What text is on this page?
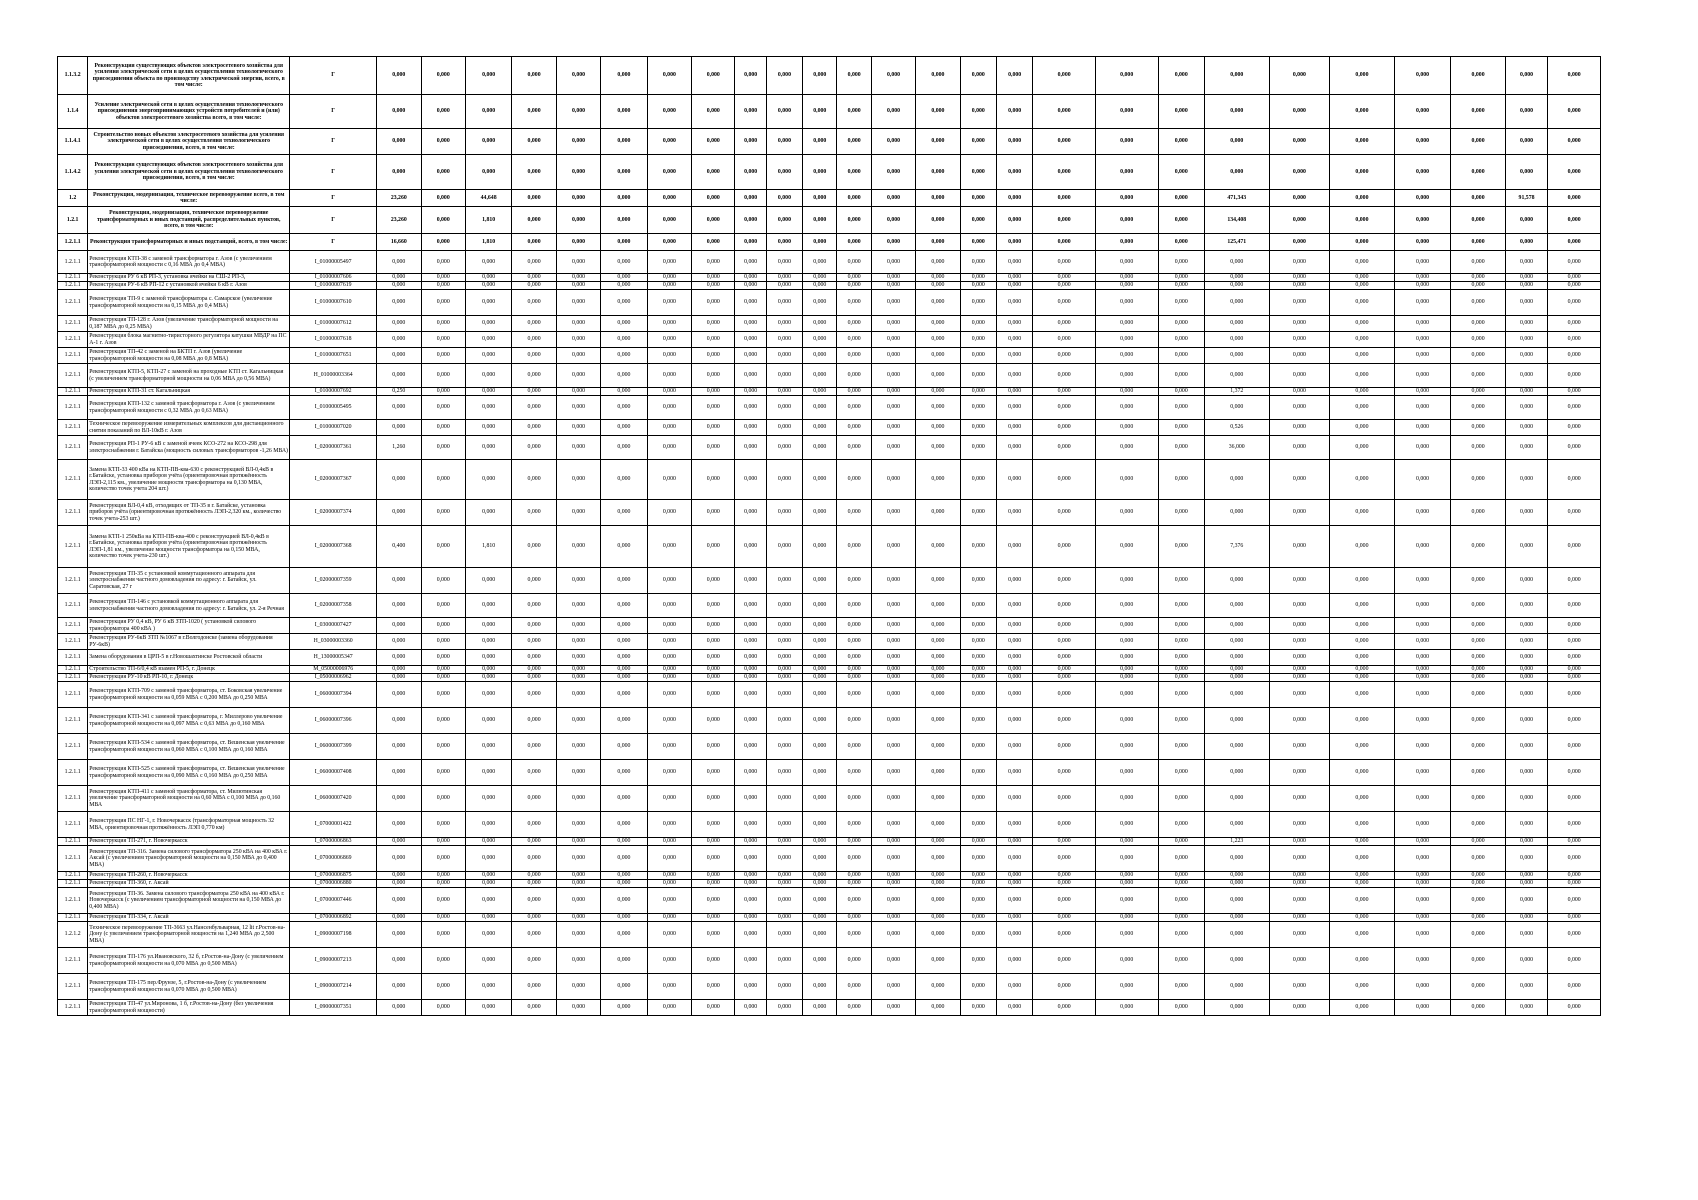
1.1.3.2	Реконструкция существующих объектов электросетевого хозяйства для усиления электрической сети в целях осуществления технологического присоединения объекта по производству электрической энергии, всего, в том числе:	Г	0,000	0,000	0,000	0,000	0,000	0,000	0,000	0,000	0,000	0,000	0,000	0,000	0,000	0,000	0,000	0,000	0,000	0,000	0,000	0,000	0,000	0,000	0,000	0,000	0,000	0,000
1.1.4	Усиление электрической сети в целях осуществления технологического присоединения энергопринимающих устройств потребителей и (или) объектов электросетевого хозяйства всего, в том числе:	Г	0,000	0,000	0,000	0,000	0,000	0,000	0,000	0,000	0,000	0,000	0,000	0,000	0,000	0,000	0,000	0,000	0,000	0,000	0,000	0,000	0,000	0,000	0,000	0,000	0,000	0,000
1.1.4.1	Строительство новых объектов электросетевого хозяйства для усиления электрической сети в целях осуществления технологического присоединения, всего, в том числе:	Г	0,000	0,000	0,000	0,000	0,000	0,000	0,000	0,000	0,000	0,000	0,000	0,000	0,000	0,000	0,000	0,000	0,000	0,000	0,000	0,000	0,000	0,000	0,000	0,000	0,000	0,000
1.1.4.2	Реконструкция существующих объектов электросетевого хозяйства для усиления электрической сети в целях осуществления технологического присоединения, всего, в том числе:	Г	0,000	0,000	0,000	0,000	0,000	0,000	0,000	0,000	0,000	0,000	0,000	0,000	0,000	0,000	0,000	0,000	0,000	0,000	0,000	0,000	0,000	0,000	0,000	0,000	0,000	0,000
1.2	Реконструкция, модернизация, техническое перевооружение всего, в том числе:	Г	23,260	0,000	44,648	0,000	0,000	0,000	0,000	0,000	0,000	0,000	0,000	0,000	0,000	0,000	0,000	0,000	0,000	0,000	0,000	471,343	0,000	0,000	0,000	0,000	91,578	0,000
1.2.1	Реконструкция, модернизация, техническое перевооружение трансформаторных и иных подстанций, распределительных пунктов, всего, в том числе:	Г	23,260	0,000	1,810	0,000	0,000	0,000	0,000	0,000	0,000	0,000	0,000	0,000	0,000	0,000	0,000	0,000	0,000	0,000	0,000	134,408	0,000	0,000	0,000	0,000	0,000	0,000
1.2.1.1	Реконструкция трансформаторных и иных подстанций, всего, в том числе:	Г	16,660	0,000	1,810	0,000	0,000	0,000	0,000	0,000	0,000	0,000	0,000	0,000	0,000	0,000	0,000	0,000	0,000	0,000	0,000	125,471	0,000	0,000	0,000	0,000	0,000	0,000
1.2.1.1	Реконструкция КТП-38 с заменой трансформатора г. Азов (с увеличением трансформаторной мощности с 0,16 МВА до 0,4 МВА)	I_01000005497	0,000	0,000	0,000	0,000	0,000	0,000	0,000	0,000	0,000	0,000	0,000	0,000	0,000	0,000	0,000	0,000	0,000	0,000	0,000	0,000	0,000	0,000	0,000	0,000	0,000	0,000
1.2.1.1	Реконструкция РУ 6 кВ РП-3, установка ячейки на СШ-2 РП-3,	I_01000007606	0,000	0,000	0,000	0,000	0,000	0,000	0,000	0,000	0,000	0,000	0,000	0,000	0,000	0,000	0,000	0,000	0,000	0,000	0,000	0,000	0,000	0,000	0,000	0,000	0,000	0,000
1.2.1.1	Реконструкция РУ-6 кВ РП-12 с установкой ячейки 6 кВ г. Азов	I_01000007619	0,000	0,000	0,000	0,000	0,000	0,000	0,000	0,000	0,000	0,000	0,000	0,000	0,000	0,000	0,000	0,000	0,000	0,000	0,000	0,000	0,000	0,000	0,000	0,000	0,000	0,000
1.2.1.1	Реконструкция ТП-9 с заменой трансформатора с. Самарское (увеличение трансформаторной мощности на 0,15 МВА до 0,4 МВА)	I_01000007610	0,000	0,000	0,000	0,000	0,000	0,000	0,000	0,000	0,000	0,000	0,000	0,000	0,000	0,000	0,000	0,000	0,000	0,000	0,000	0,000	0,000	0,000	0,000	0,000	0,000	0,000
1.2.1.1	Реконструкция ТП-128 г. Азов (увеличение трансформаторной мощности на 0,187 МВА до 0,25 МВА)	I_01000007612	0,000	0,000	0,000	0,000	0,000	0,000	0,000	0,000	0,000	0,000	0,000	0,000	0,000	0,000	0,000	0,000	0,000	0,000	0,000	0,000	0,000	0,000	0,000	0,000	0,000	0,000
1.2.1.1	Реконструкция блока магнитно-тиристорного регулятора катушки МВДР на ПС А-1 г. Азов	I_01000007618	0,000	0,000	0,000	0,000	0,000	0,000	0,000	0,000	0,000	0,000	0,000	0,000	0,000	0,000	0,000	0,000	0,000	0,000	0,000	0,000	0,000	0,000	0,000	0,000	0,000	0,000
1.2.1.1	Реконструкция ТП-42 с заменой на БКТП г. Азов (увеличение трансформаторной мощности на 0,08 МВА до 0,8 МВА)	I_01000007651	0,000	0,000	0,000	0,000	0,000	0,000	0,000	0,000	0,000	0,000	0,000	0,000	0,000	0,000	0,000	0,000	0,000	0,000	0,000	0,000	0,000	0,000	0,000	0,000	0,000	0,000
1.2.1.1	Реконструкция КТП-5, КТП-27 с заменой на проходные КТП ст. Кагальницкая (с увеличением трансформаторной мощности на 0,06 МВА до 0,56 МВА)	H_01000003364	0,000	0,000	0,000	0,000	0,000	0,000	0,000	0,000	0,000	0,000	0,000	0,000	0,000	0,000	0,000	0,000	0,000	0,000	0,000	0,000	0,000	0,000	0,000	0,000	0,000	0,000
1.2.1.1	Реконструкция КТП-31 ст. Кагальницкая	I_01000007692	0,250	0,000	0,000	0,000	0,000	0,000	0,000	0,000	0,000	0,000	0,000	0,000	0,000	0,000	0,000	0,000	0,000	0,000	0,000	1,372	0,000	0,000	0,000	0,000	0,000	0,000
1.2.1.1	Реконструкция КТП-132 с заменой трансформатора г. Азов (с увеличением трансформаторной мощности с 0,32 МВА до 0,63 МВА)	I_01000005495	0,000	0,000	0,000	0,000	0,000	0,000	0,000	0,000	0,000	0,000	0,000	0,000	0,000	0,000	0,000	0,000	0,000	0,000	0,000	0,000	0,000	0,000	0,000	0,000	0,000	0,000
1.2.1.1	Техническое перевооружение измерительных комплексов для дистанционного снятия показаний по ВЛ-10кВ г. Азов	I_01000007020	0,000	0,000	0,000	0,000	0,000	0,000	0,000	0,000	0,000	0,000	0,000	0,000	0,000	0,000	0,000	0,000	0,000	0,000	0,000	0,526	0,000	0,000	0,000	0,000	0,000	0,000
1.2.1.1	Реконструкция РП-1 РУ-6 кВ с заменой ячеек КСО-272 на КСО-298 для электроснабжения г. Батайска (мощность силовых трансформаторов -1,26 МВА)	I_02000007361	1,260	0,000	0,000	0,000	0,000	0,000	0,000	0,000	0,000	0,000	0,000	0,000	0,000	0,000	0,000	0,000	0,000	0,000	0,000	36,000	0,000	0,000	0,000	0,000	0,000	0,000
1.2.1.1	Замена КТП-33 400 кВа на КТП-ПВ-ква-630 с реконструкцией ВЛ-0,4кВ в г.Батайске, установка приборов учёта (ориентировочная протяжённость ЛЭП-2,115 км., увеличение мощности трансформатора на 0,130 МВА, количество точек учета 204 шт.)	I_02000007367	0,000	0,000	0,000	0,000	0,000	0,000	0,000	0,000	0,000	0,000	0,000	0,000	0,000	0,000	0,000	0,000	0,000	0,000	0,000	0,000	0,000	0,000	0,000	0,000	0,000	0,000
1.2.1.1	Реконструкция ВЛ-0,4 кВ, отходящих от ТП-35 в г. Батайске, установка приборов учёта (ориентировочная протяжённость ЛЭП-2,320 км., количество точек учета-253 шт.)	I_02000007374	0,000	0,000	0,000	0,000	0,000	0,000	0,000	0,000	0,000	0,000	0,000	0,000	0,000	0,000	0,000	0,000	0,000	0,000	0,000	0,000	0,000	0,000	0,000	0,000	0,000	0,000
1.2.1.1	Замена КТП-1 250кВа на КТП-ПВ-ква-400 с реконструкцией ВЛ-0,4кВ в г.Батайске, установка приборов учёта (ориентировочная протяжённость ЛЭП-1,81 км., увеличение мощности трансформатора на 0,150 МВА, количество точек учета-230 шт.)	I_02000007368	0,400	0,000	1,810	0,000	0,000	0,000	0,000	0,000	0,000	0,000	0,000	0,000	0,000	0,000	0,000	0,000	0,000	0,000	0,000	7,376	0,000	0,000	0,000	0,000	0,000	0,000
1.2.1.1	Реконструкция ТП-35 с установкой коммутационного аппарата для электроснабжения частного домовладения по адресу: г. Батайск, ул. Саратовская, 27 г	I_02000007359	0,000	0,000	0,000	0,000	0,000	0,000	0,000	0,000	0,000	0,000	0,000	0,000	0,000	0,000	0,000	0,000	0,000	0,000	0,000	0,000	0,000	0,000	0,000	0,000	0,000	0,000
1.2.1.1	Реконструкция ТП-146 с установкой коммутационного аппарата для электроснабжения частного домовладения по адресу: г. Батайск, ул. 2-я Речная	I_02000007358	0,000	0,000	0,000	0,000	0,000	0,000	0,000	0,000	0,000	0,000	0,000	0,000	0,000	0,000	0,000	0,000	0,000	0,000	0,000	0,000	0,000	0,000	0,000	0,000	0,000	0,000
1.2.1.1	Реконструкция РУ 0,4 кВ, РУ 6 кВ ЗТП-1020 ( установкой силового трансформатора 400 кВА )	I_03000007427	0,000	0,000	0,000	0,000	0,000	0,000	0,000	0,000	0,000	0,000	0,000	0,000	0,000	0,000	0,000	0,000	0,000	0,000	0,000	0,000	0,000	0,000	0,000	0,000	0,000	0,000
1.2.1.1	Реконструкция РУ-6кВ ЗТП №1067 в г.Волгодонске (замена оборудования РУ-6кВ)	H_03000003360	0,000	0,000	0,000	0,000	0,000	0,000	0,000	0,000	0,000	0,000	0,000	0,000	0,000	0,000	0,000	0,000	0,000	0,000	0,000	0,000	0,000	0,000	0,000	0,000	0,000	0,000
1.2.1.1	Замена оборудования в ЦРП-5 в г.Новошахтинске Ростовской области	H_13000005347	0,000	0,000	0,000	0,000	0,000	0,000	0,000	0,000	0,000	0,000	0,000	0,000	0,000	0,000	0,000	0,000	0,000	0,000	0,000	0,000	0,000	0,000	0,000	0,000	0,000	0,000
1.2.1.1	Строительство ТП-6/0,4 кВ взамен РП-5, г. Донецк	M_05000006976	0,000	0,000	0,000	0,000	0,000	0,000	0,000	0,000	0,000	0,000	0,000	0,000	0,000	0,000	0,000	0,000	0,000	0,000	0,000	0,000	0,000	0,000	0,000	0,000	0,000	0,000
1.2.1.1	Реконструкция РУ-10 кВ РП-10, г. Донецк	I_05000006962	0,000	0,000	0,000	0,000	0,000	0,000	0,000	0,000	0,000	0,000	0,000	0,000	0,000	0,000	0,000	0,000	0,000	0,000	0,000	0,000	0,000	0,000	0,000	0,000	0,000	0,000
1.2.1.1	Реконструкция КТП-709 с заменой трансформатора, ст. Боковская увеличение трансформаторной мощности на 0,059 МВА с 0,200 МВА до 0,250 МВА	I_06000007394	0,000	0,000	0,000	0,000	0,000	0,000	0,000	0,000	0,000	0,000	0,000	0,000	0,000	0,000	0,000	0,000	0,000	0,000	0,000	0,000	0,000	0,000	0,000	0,000	0,000	0,000
1.2.1.1	Реконструкция КТП-341 с заменой трансформатора, г. Миллерово увеличение трансформаторной мощности на 0,097 МВА с 0,63 МВА до 0,160 МВА	I_06000007396	0,000	0,000	0,000	0,000	0,000	0,000	0,000	0,000	0,000	0,000	0,000	0,000	0,000	0,000	0,000	0,000	0,000	0,000	0,000	0,000	0,000	0,000	0,000	0,000	0,000	0,000
1.2.1.1	Реконструкция КТП-534 с заменой трансформатора, ст. Вешенская увеличение трансформаторной мощности на 0,060 МВА с 0,100 МВА до 0,160 МВА	I_06000007399	0,000	0,000	0,000	0,000	0,000	0,000	0,000	0,000	0,000	0,000	0,000	0,000	0,000	0,000	0,000	0,000	0,000	0,000	0,000	0,000	0,000	0,000	0,000	0,000	0,000	0,000
1.2.1.1	Реконструкция КТП-525 с заменой трансформатора, ст. Вешенская увеличение трансформаторной мощности на 0,090 МВА с 0,160 МВА до 0,250 МВА	I_06000007408	0,000	0,000	0,000	0,000	0,000	0,000	0,000	0,000	0,000	0,000	0,000	0,000	0,000	0,000	0,000	0,000	0,000	0,000	0,000	0,000	0,000	0,000	0,000	0,000	0,000	0,000
1.2.1.1	Реконструкция КТП-411 с заменой трансформатора, ст. Милютинская увеличение трансформаторной мощности на 0,60 МВА с 0,100 МВА до 0,160 МВА	I_06000007420	0,000	0,000	0,000	0,000	0,000	0,000	0,000	0,000	0,000	0,000	0,000	0,000	0,000	0,000	0,000	0,000	0,000	0,000	0,000	0,000	0,000	0,000	0,000	0,000	0,000	0,000
1.2.1.1	Реконструкция ПС НГ-1, г. Новочеркасск (трансформаторная мощность 32 МВА, ориентировочная протяжённость ЛЭП 0,770 км)	I_07000001422	0,000	0,000	0,000	0,000	0,000	0,000	0,000	0,000	0,000	0,000	0,000	0,000	0,000	0,000	0,000	0,000	0,000	0,000	0,000	0,000	0,000	0,000	0,000	0,000	0,000	0,000
1.2.1.1	Реконструкция ТП-271, г. Новочеркасск	I_07000006863	0,000	0,000	0,000	0,000	0,000	0,000	0,000	0,000	0,000	0,000	0,000	0,000	0,000	0,000	0,000	0,000	0,000	0,000	0,000	1,223	0,000	0,000	0,000	0,000	0,000	0,000
1.2.1.1	Реконструкция ТП-316. Замена силового трансформатора 250 кВА на 400 кВА г. Аксай (с увеличением трансформаторной мощности на 0,150 МВА до 0,400 МВА)	I_07000006869	0,000	0,000	0,000	0,000	0,000	0,000	0,000	0,000	0,000	0,000	0,000	0,000	0,000	0,000	0,000	0,000	0,000	0,000	0,000	0,000	0,000	0,000	0,000	0,000	0,000	0,000
1.2.1.1	Реконструкция ТП-260, г. Новочеркасск	I_07000006875	0,000	0,000	0,000	0,000	0,000	0,000	0,000	0,000	0,000	0,000	0,000	0,000	0,000	0,000	0,000	0,000	0,000	0,000	0,000	0,000	0,000	0,000	0,000	0,000	0,000	0,000
1.2.1.1	Реконструкция ТП-360, г. Аксай	I_07000006880	0,000	0,000	0,000	0,000	0,000	0,000	0,000	0,000	0,000	0,000	0,000	0,000	0,000	0,000	0,000	0,000	0,000	0,000	0,000	0,000	0,000	0,000	0,000	0,000	0,000	0,000
1.2.1.1	Реконструкция ТП-36. Замена силового трансформатора 250 кВА на 400 кВА г. Новочеркасск (с увеличением трансформаторной мощности на 0,150 МВА до 0,400 МВА)	I_07000007446	0,000	0,000	0,000	0,000	0,000	0,000	0,000	0,000	0,000	0,000	0,000	0,000	0,000	0,000	0,000	0,000	0,000	0,000	0,000	0,000	0,000	0,000	0,000	0,000	0,000	0,000
1.2.1.1	Реконструкция ТП-334, г. Аксай	I_07000006892	0,000	0,000	0,000	0,000	0,000	0,000	0,000	0,000	0,000	0,000	0,000	0,000	0,000	0,000	0,000	0,000	0,000	0,000	0,000	0,000	0,000	0,000	0,000	0,000	0,000	0,000
1.2.1.2	Техническое перевооружение ТП-3663 ул.Нансенбульварная, 12 lit г.Ростов-на-Дону (с увеличением трансформаторной мощности на 1,240 МВА до 2,500 МВА)	I_09000007198	0,000	0,000	0,000	0,000	0,000	0,000	0,000	0,000	0,000	0,000	0,000	0,000	0,000	0,000	0,000	0,000	0,000	0,000	0,000	0,000	0,000	0,000	0,000	0,000	0,000	0,000
1.2.1.1	Реконструкция ТП-176 ул.Ивановского, 32 б, г.Ростов-на-Дону (с увеличением трансформаторной мощности на 0,070 МВА до 0,500 МВА)	I_09000007213	0,000	0,000	0,000	0,000	0,000	0,000	0,000	0,000	0,000	0,000	0,000	0,000	0,000	0,000	0,000	0,000	0,000	0,000	0,000	0,000	0,000	0,000	0,000	0,000	0,000	0,000
1.2.1.1	Реконструкция ТП-175 пер.Фрунзе, 5, г.Ростов-на-Дону (с увеличением трансформаторной мощности на 0,070 МВА до 0,500 МВА)	I_09000007214	0,000	0,000	0,000	0,000	0,000	0,000	0,000	0,000	0,000	0,000	0,000	0,000	0,000	0,000	0,000	0,000	0,000	0,000	0,000	0,000	0,000	0,000	0,000	0,000	0,000	0,000
1.2.1.1	Реконструкция ТП-47 ул.Миронова, 1 б, г.Ростов-на-Дону (без увеличения трансформаторной мощности)	I_09000007351	0,000	0,000	0,000	0,000	0,000	0,000	0,000	0,000	0,000	0,000	0,000	0,000	0,000	0,000	0,000	0,000	0,000	0,000	0,000	0,000	0,000	0,000	0,000	0,000	0,000	0,000
